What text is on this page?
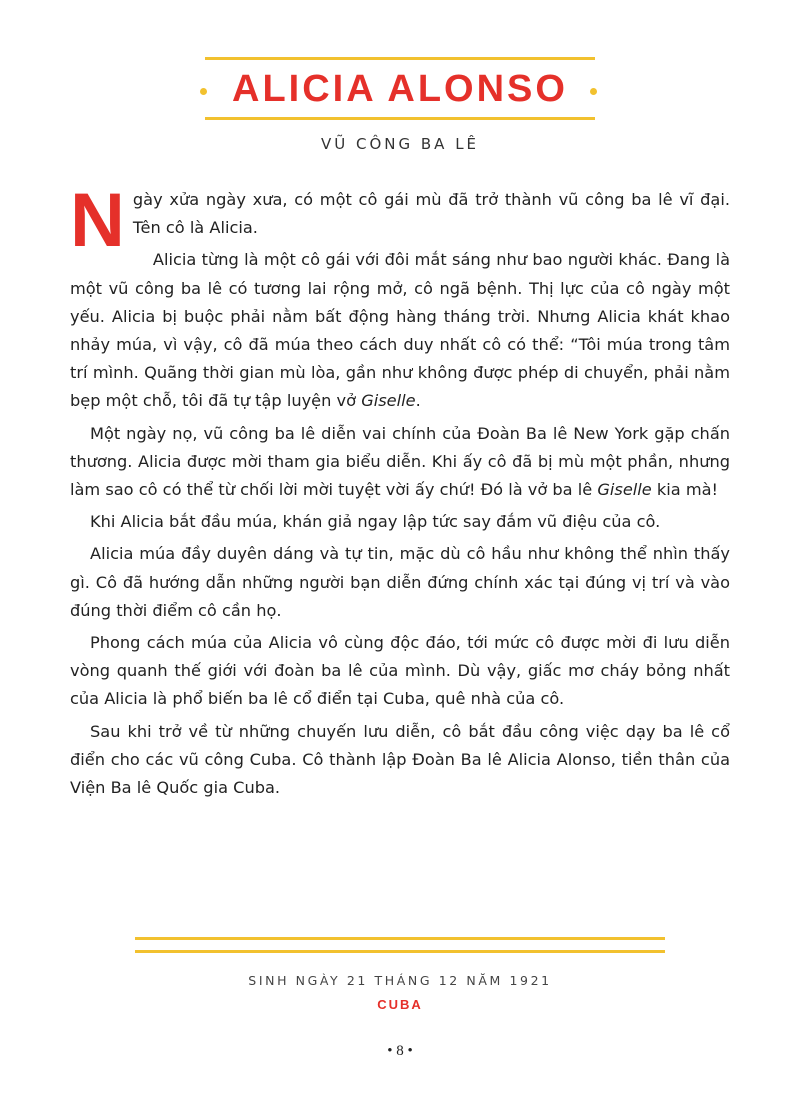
ALICIA ALONSO
VŨ CÔNG BA LÊ

Ngày xửa ngày xưa, có một cô gái mù đã trở thành vũ công ba lê vĩ đại. Tên cô là Alicia.

Alicia từng là một cô gái với đôi mắt sáng như bao người khác. Đang là một vũ công ba lê có tương lai rộng mở, cô ngã bệnh. Thị lực của cô ngày một yếu. Alicia bị buộc phải nằm bất động hàng tháng trời. Nhưng Alicia khát khao nhảy múa, vì vậy, cô đã múa theo cách duy nhất cô có thể: “Tôi múa trong tâm trí mình. Quãng thời gian mù lòa, gần như không được phép di chuyển, phải nằm bẹp một chỗ, tôi đã tự tập luyện vở Giselle.

Một ngày nọ, vũ công ba lê diễn vai chính của Đoàn Ba lê New York gặp chấn thương. Alicia được mời tham gia biểu diễn. Khi ấy cô đã bị mù một phần, nhưng làm sao cô có thể từ chối lời mời tuyệt vời ấy chứ! Đó là vở ba lê Giselle kia mà!

Khi Alicia bắt đầu múa, khán giả ngay lập tức say đắm vũ điệu của cô.

Alicia múa đầy duyên dáng và tự tin, mặc dù cô hầu như không thể nhìn thấy gì. Cô đã hướng dẫn những người bạn diễn đứng chính xác tại đúng vị trí và vào đúng thời điểm cô cần họ.

Phong cách múa của Alicia vô cùng độc đáo, tới mức cô được mời đi lưu diễn vòng quanh thế giới với đoàn ba lê của mình. Dù vậy, giấc mơ cháy bỏng nhất của Alicia là phổ biến ba lê cổ điển tại Cuba, quê nhà của cô.

Sau khi trở về từ những chuyến lưu diễn, cô bắt đầu công việc dạy ba lê cổ điển cho các vũ công Cuba. Cô thành lập Đoàn Ba lê Alicia Alonso, tiền thân của Viện Ba lê Quốc gia Cuba.

SINH NGÀY 21 THÁNG 12 NĂM 1921
CUBA
• 8 •
